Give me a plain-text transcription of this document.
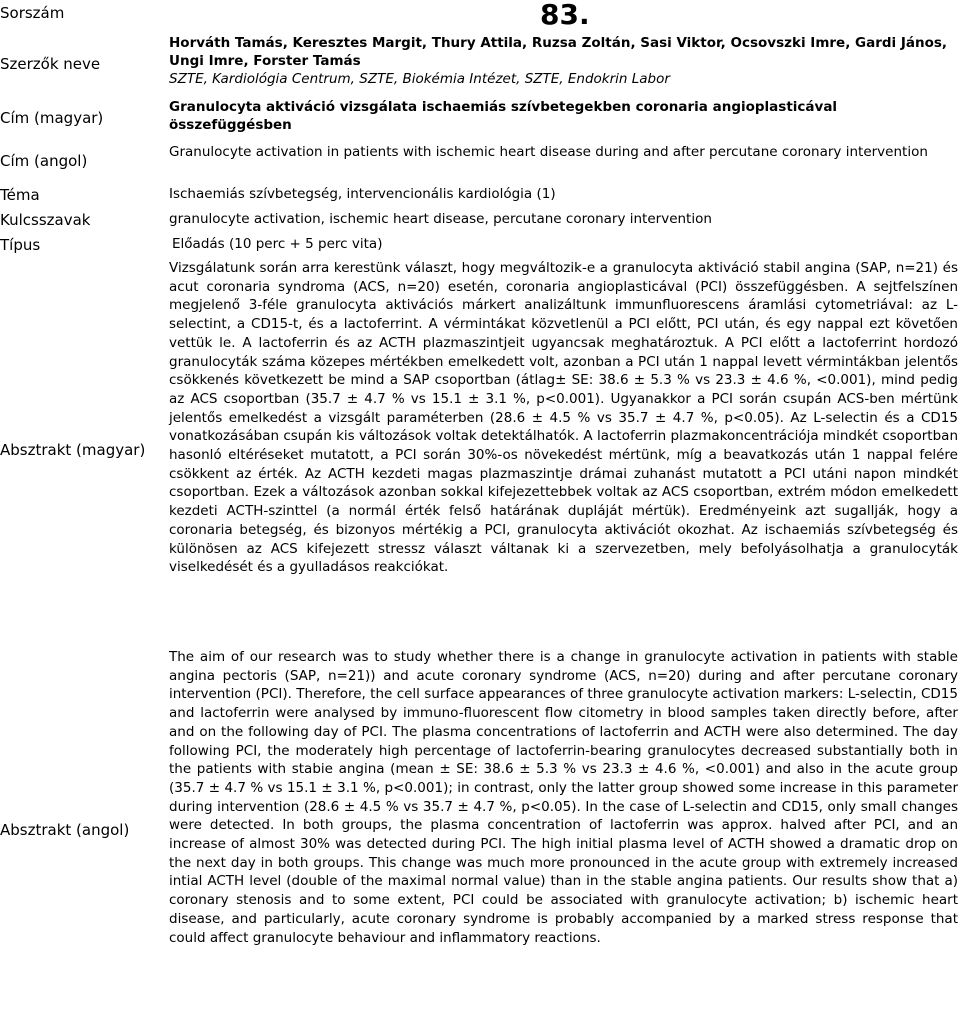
Sorszám
Szerzők neve
Cím (magyar)
Cím (angol)
Téma
Kulcsszavak
Típus
Absztrakt (magyar)
Absztrakt (angol)
83.
Horváth Tamás, Keresztes Margit, Thury Attila, Ruzsa Zoltán, Sasi Viktor, Ocsovszki Imre, Gardi János, Ungi Imre, Forster Tamás
SZTE, Kardiológia Centrum, SZTE, Biokémia Intézet, SZTE, Endokrin Labor
Granulocyta aktiváció vizsgálata ischaemiás szívbetegekben coronaria angioplasticával összefüggésben
Granulocyte activation in patients with ischemic heart disease during and after percutane coronary intervention
Ischaemiás szívbetegség, intervencionális kardiológia (1)
granulocyte activation, ischemic heart disease, percutane coronary intervention
Előadás (10 perc + 5 perc vita)
Vizsgálatunk során arra kerestünk választ, hogy megváltozik-e a granulocyta aktiváció stabil angina (SAP, n=21) és acut coronaria syndroma (ACS, n=20) esetén, coronaria angioplasticával (PCI) összefüggésben. A sejtfelszínen megjelenő 3-féle granulocyta aktivációs márkert analizáltunk immunfluorescens áramlási cytometriával: az L-selectint, a CD15-t, és a lactoferrint. A vérmintákat közvetlenül a PCI előtt, PCI után, és egy nappal ezt követően vettük le. A lactoferrin és az ACTH plazmaszintjeit ugyancsak meghatároztuk. A PCI előtt a lactoferrint hordozó granulocyták száma közepes mértékben emelkedett volt, azonban a PCI után 1 nappal levett vérmintákban jelentős csökkenés következett be mind a SAP csoportban (átlag± SE: 38.6 ± 5.3 % vs 23.3 ± 4.6 %, <0.001), mind pedig az ACS csoportban (35.7 ± 4.7 % vs 15.1 ± 3.1 %, p<0.001). Ugyanakkor a PCI során csupán ACS-ben mértünk jelentős emelkedést a vizsgált paraméterben (28.6 ± 4.5 % vs 35.7 ± 4.7 %, p<0.05). Az L-selectin és a CD15 vonatkozásában csupán kis változások voltak detektálhatók. A lactoferrin plazmakoncentrációja mindkét csoportban hasonló eltéréseket mutatott, a PCI során 30%-os növekedést mértünk, míg a beavatkozás után 1 nappal felére csökkent az érték. Az ACTH kezdeti magas plazmaszintje drámai zuhanást mutatott a PCI utáni napon mindkét csoportban. Ezek a változások azonban sokkal kifejezettebbek voltak az ACS csoportban, extrém módon emelkedett kezdeti ACTH-szinttel (a normál érték felső határának dupláját mértük). Eredményeink azt sugallják, hogy a coronaria betegség, és bizonyos mértékig a PCI, granulocyta aktivációt okozhat. Az ischaemiás szívbetegség és különösen az ACS kifejezett stressz választ váltanak ki a szervezetben, mely befolyásolhatja a granulocyták viselkedését és a gyulladásos reakciókat.
The aim of our research was to study whether there is a change in granulocyte activation in patients with stable angina pectoris (SAP, n=21)) and acute coronary syndrome (ACS, n=20) during and after percutane coronary intervention (PCI). Therefore, the cell surface appearances of three granulocyte activation markers: L-selectin, CD15 and lactoferrin were analysed by immuno-fluorescent flow citometry in blood samples taken directly before, after and on the following day of PCI. The plasma concentrations of lactoferrin and ACTH were also determined. The day following PCI, the moderately high percentage of lactoferrin-bearing granulocytes decreased substantially both in the patients with stabie angina (mean ± SE: 38.6 ± 5.3 % vs 23.3 ± 4.6 %, <0.001) and also in the acute group (35.7 ± 4.7 % vs 15.1 ± 3.1 %, p<0.001); in contrast, only the latter group showed some increase in this parameter during intervention (28.6 ± 4.5 % vs 35.7 ± 4.7 %, p<0.05). In the case of L-selectin and CD15, only small changes were detected. In both groups, the plasma concentration of lactoferrin was approx. halved after PCI, and an increase of almost 30% was detected during PCI. The high initial plasma level of ACTH showed a dramatic drop on the next day in both groups. This change was much more pronounced in the acute group with extremely increased intial ACTH level (double of the maximal normal value) than in the stable angina patients. Our results show that a) coronary stenosis and to some extent, PCI could be associated with granulocyte activation; b) ischemic heart disease, and particularly, acute coronary syndrome is probably accompanied by a marked stress response that could affect granulocyte behaviour and inflammatory reactions.
